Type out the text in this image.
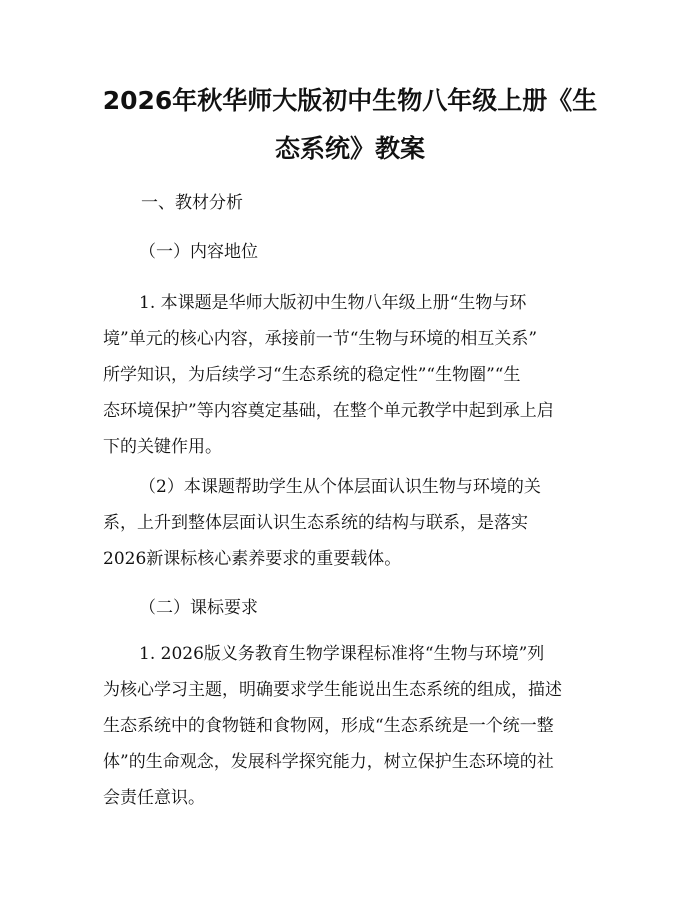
2026年秋华师大版初中生物八年级上册《生
态系统》教案

一、教材分析

（一）内容地位

1. 本课题是华师大版初中生物八年级上册“生物与环
境”单元的核心内容，承接前一节“生物与环境的相互关系”
所学知识，为后续学习“生态系统的稳定性”“生物圈”“生
态环境保护”等内容奠定基础，在整个单元教学中起到承上启
下的关键作用。
（2）本课题帮助学生从个体层面认识生物与环境的关
系，上升到整体层面认识生态系统的结构与联系，是落实
2026新课标核心素养要求的重要载体。

（二）课标要求

1. 2026版义务教育生物学课程标准将“生物与环境”列
为核心学习主题，明确要求学生能说出生态系统的组成，描述
生态系统中的食物链和食物网，形成“生态系统是一个统一整
体”的生命观念，发展科学探究能力，树立保护生态环境的社
会责任意识。
